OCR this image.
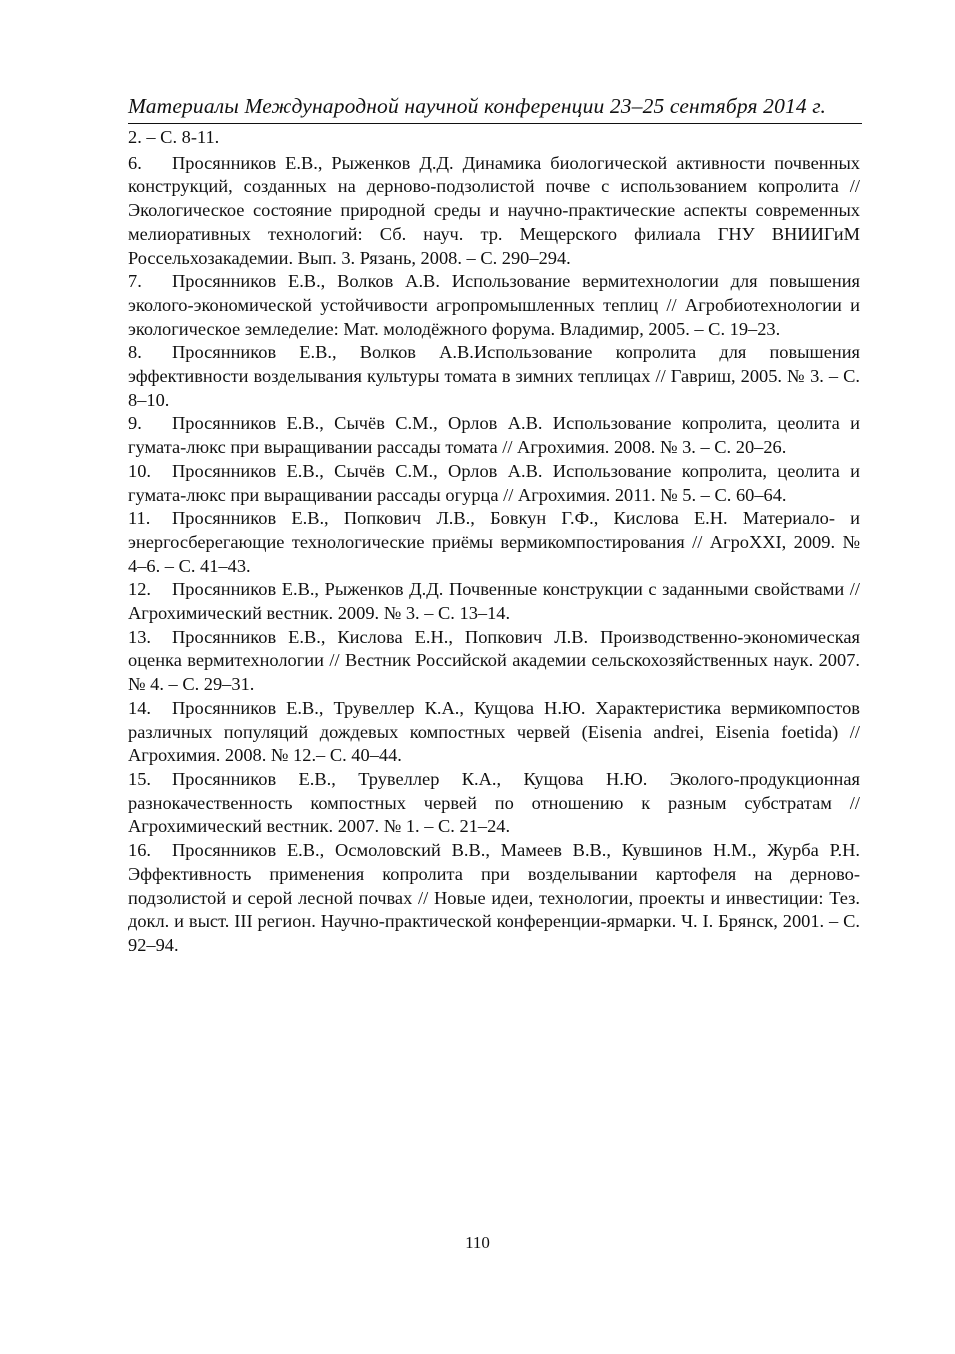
Материалы Международной научной конференции 23–25 сентября 2014 г.

2. – С. 8-11.

6. Просянников Е.В., Рыженков Д.Д. Динамика биологической активности почвенных конструкций, созданных на дерново-подзолистой почве с использованием копролита // Экологическое состояние природной среды и научно-практические аспекты современных мелиоративных технологий: Сб. науч. тр. Мещерского филиала ГНУ ВНИИГиМ Россельхозакадемии. Вып. 3. Рязань, 2008. – С. 290–294.

7. Просянников Е.В., Волков А.В. Использование вермитехнологии для повышения эколого-экономической устойчивости агропромышленных теплиц // Агробиотехнологии и экологическое земледелие: Мат. молодёжного форума. Владимир, 2005. – С. 19–23.

8. Просянников Е.В., Волков А.В.Использование копролита для повышения эффективности возделывания культуры томата в зимних теплицах // Гавриш, 2005. № 3. – С. 8–10.

9. Просянников Е.В., Сычёв С.М., Орлов А.В. Использование копролита, цеолита и гумата-люкс при выращивании рассады томата // Агрохимия. 2008. № 3. – С. 20–26.

10. Просянников Е.В., Сычёв С.М., Орлов А.В. Использование копролита, цеолита и гумата-люкс при выращивании рассады огурца // Агрохимия. 2011. № 5. – С. 60–64.

11. Просянников Е.В., Попкович Л.В., Бовкун Г.Ф., Кислова Е.Н. Материало- и энергосберегающие технологические приёмы вермикомпостирования // АгроXXI, 2009. № 4–6. – С. 41–43.

12. Просянников Е.В., Рыженков Д.Д. Почвенные конструкции с заданными свойствами //Агрохимический вестник. 2009. № 3. – С. 13–14.

13. Просянников Е.В., Кислова Е.Н., Попкович Л.В. Производственно-экономическая оценка вермитехнологии // Вестник Российской академии сельскохозяйственных наук. 2007. № 4. – С. 29–31.

14. Просянников Е.В., Трувеллер К.А., Кущова Н.Ю. Характеристика вермикомпостов различных популяций дождевых компостных червей (Eisenia andrei, Eisenia foetida) // Агрохимия. 2008. № 12.– С. 40–44.

15. Просянников Е.В., Трувеллер К.А., Кущова Н.Ю. Эколого-продукционная разнокачественность компостных червей по отношению к разным субстратам // Агрохимический вестник. 2007. № 1. – С. 21–24.

16. Просянников Е.В., Осмоловский В.В., Мамеев В.В., Кувшинов Н.М., Журба Р.Н. Эффективность применения копролита при возделывании картофеля на дерново-подзолистой и серой лесной почвах // Новые идеи, технологии, проекты и инвестиции: Тез. докл. и выст. III регион. Научно-практической конференции-ярмарки. Ч. I. Брянск, 2001. – С. 92–94.

110
